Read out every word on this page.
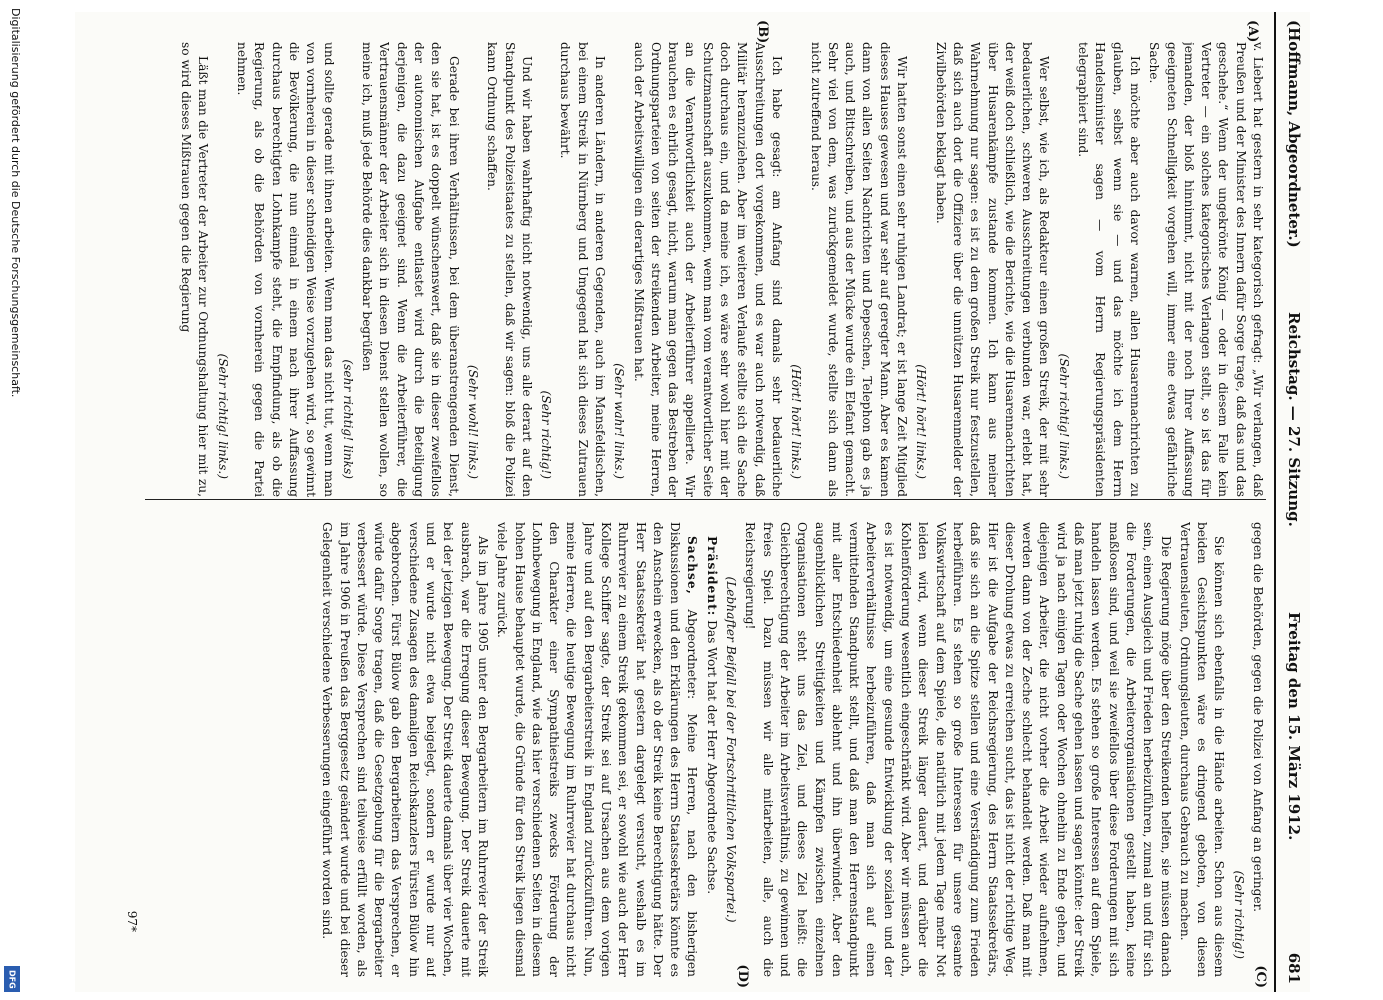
Digitalisierung gefördert durch die Deutsche Forschungsgemeinschaft.
DFG
(Hoffmann, Abgeordneter.)
Reichstag. — 27. Sitzung.
Freitag den 15. März 1912.
681
(A)
(B)
(C)
(D)

v. Liebert hat gestern in sehr kategorisch gefragt: „Wir verlangen, daß Preußen und der Minister des Innern dafür Sorge trage, daß das und das geschehe.“ Wenn der ungekrönte König — oder in diesem Falle kein Vertreter — ein solches kategorisches Verlangen stellt, so ist das für jemanden, der bloß hinnimmt, nicht mit der noch Ihrer Auffassung geeigneten Schnelligkeit vorgehen will, immer eine etwas gefährliche Sache.

Ich möchte aber auch davor warnen, allen Husarennachrichten zu glauben, selbst wenn sie — und das möchte ich dem Herrn Handelsminister sagen — vom Herrn Regierungspräsidenten telegraphiert sind.

(Sehr richtig! links.)

Wer selbst, wie ich, als Redakteur einen großen Streik, der mit sehr bedauerlichen, schweren Ausschreitungen verbunden war, erlebt hat, der weiß doch schließlich, wie die Berichte, wie die Husarennachrichten über Husarenkämpfe zustande kommen. Ich kann aus meiner Wahrnehmung nur sagen: es ist zu dem großen Streik nur festzustellen, daß sich auch dort die Offiziere über die unnützen Husarenmelder der Zivilbehörden beklagt haben.

(Hört! hört! links.)

Wir hatten sonst einen sehr ruhigen Landrat; er ist lange Zeit Mitglied dieses Hauses gewesen und war sehr auf geregter Mann. Aber es kamen dann von allen Seiten Nachrichten und Depeschen, Telephon gab es ja auch, und Bittschreiben, und aus der Mücke wurde ein Elefant gemacht. Sehr viel von dem, was zurückgemeldet wurde, stellte sich dann als nicht zutreffend heraus.

(Hört! hört! links.)

Ich habe gesagt: am Anfang sind damals sehr bedauerliche Ausschreitungen dort vorgekommen, und es war auch notwendig, daß Militär heranzuziehen. Aber im weiteren Verlaufe stellte sich die Sache doch durchaus ein, und da meine ich, es wäre sehr wohl hier mit der Schutzmannschaft auszukommen, wenn man vom verantwortlicher Seite an die Verantwortlichkeit auch der Arbeiterführer appellierte. Wir brauchen es ehrlich gesagt, nicht, warum man gegen das Bestreben der Ordnungsparteien von seiten der streikenden Arbeiter, meine Herren, auch der Arbeitswilligen ein derartiges Mißtrauen hat.

(Sehr wahr! links.)

In anderen Ländern, in anderen Gegenden, auch im Mansfeldischen, bei einem Streik in Nürnberg und Umgegend hat sich dieses Zutrauen durchaus bewährt.

(Sehr richtig!)

Und wir haben wahrhaftig nicht notwendig, uns alle derart auf den Standpunkt des Polizeistaates zu stellen, daß wir sagen: bloß die Polizei kann Ordnung schaffen.

(Sehr wohl! links.)

Gerade bei ihren Verhältnissen, bei dem überanstrengenden Dienst, den sie hat, ist es doppelt wünschenswert, daß sie in dieser zweifellos der autonomischen Aufgabe entlastet wird durch die Beteiligung derjenigen, die dazu geeignet sind. Wenn die Arbeiterführer, die Vertrauensmänner der Arbeiter sich in diesen Dienst stellen wollen, so meine ich, muß jede Behörde dies dankbar begrüßen

(sehr richtig! links)

und sollte gerade mit ihnen arbeiten. Wenn man das nicht tut, wenn man von vornherein in dieser schneidigen Weise vorzugehen wird, so gewinnt die Bevölkerung, die nun einmal in einem nach ihrer Auffassung durchaus berechtigten Lohnkampfe steht, die Empfindung, als ob die Regierung, als ob die Behörden von vornherein gegen die Partei nehmen.

(Sehr richtig! links.)

Läßt man die Vertreter der Arbeiter zur Ordnungshaltung hier mit zu, so wird dieses Mißtrauen gegen die Regierung

gegen die Behörden, gegen die Polizei von Anfang an geringer.

(Sehr richtig!)

Sie können sich ebenfalls in die Hände arbeiten. Schon aus diesem beiden Gesichtspunkten wäre es dringend geboten, von diesen Vertrauensleuten, Ordnungsleuten, durchaus Gebrauch zu machen.

Die Regierung möge über den Streikenden helfen, sie müssen danach sein, einen Ausgleich und Frieden herbeizuführen, zumal an und für sich die Forderungen, die Arbeiterorganisationen gestellt haben, keine maßlosen sind, und weil sie zweifellos über diese Forderungen mit sich handeln lassen werden. Es stehen so große Interessen auf dem Spiele, daß man jetzt ruhig die Sache gehen lassen und sagen könnte: der Streik wird ja nach einigen Tagen oder Wochen ohnehin zu Ende gehen, und diejenigen Arbeiter, die nicht vorher die Arbeit wieder aufnehmen, werden dann von der Zeche schlecht behandelt werden. Daß man mit dieser Drohung etwas zu erreichen sucht, das ist nicht der richtige Weg. Hier ist die Aufgabe der Reichsregierung, des Herrn Staatssekretärs, daß sie sich an die Spitze stellen und eine Verständigung zum Frieden herbeiführen. Es stehen so große Interessen für unsere gesamte Volkswirtschaft auf dem Spiele, die natürlich mit jedem Tage mehr Not leiden wird, wenn dieser Streik länger dauert, und darüber die Kohlenförderung wesentlich eingeschränkt wird. Aber wir müssen auch, es ist notwendig, um eine gesunde Entwicklung der sozialen und der Arbeiterverhältnisse herbeizuführen, daß man sich auf einen vermittelnden Standpunkt stellt, und daß man den Herrenstandpunkt mit aller Entschiedenheit ablehnt und ihn überwindet. Aber den augenblicklichen Streitigkeiten und Kämpfen zwischen einzelnen Organisationen steht uns das Ziel, und dieses Ziel heißt: die Gleichberechtigung der Arbeiter im Arbeitsverhältnis, zu gewinnen und freies Spiel. Dazu müssen wir alle mitarbeiten, alle, auch die Reichsregierung!

(Lebhafter Beifall bei der Fortschrittlichen Volkspartei.)

Präsident: Das Wort hat der Herr Abgeordnete Sachse.

Sachse, Abgeordneter: Meine Herren, nach den bisherigen Diskussionen und den Erklärungen des Herrn Staatssekretärs könnte es den Anschein erwecken, als ob der Streik keine Berechtigung hätte. Der Herr Staatssekretär hat gestern dargelegt versucht, weshalb es im Ruhrrevier zu einem Streik gekommen sei, er sowohl wie auch der Herr Kollege Schiffer sagte, der Streik sei auf Ursachen aus dem vorigen Jahre und auf den Bergarbeiterstreik in England zurückzuführen. Nun, meine Herren, die heutige Bewegung im Ruhrrevier hat durchaus nicht den Charakter einer Sympathiestreiks zwecks Förderung der Lohnbewegung in England, wie das hier verschiedenen Seiten in diesem hohen Hause behauptet wurde, die Gründe für den Streik liegen diesmal viele Jahre zurück.

Als im Jahre 1905 unter den Bergarbeitern im Ruhrrevier der Streik ausbrach, war die Erregung dieser Bewegung. Der Streik dauerte mit bei der jetzigen Bewegung. Der Streik dauerte damals über vier Wochen, und er wurde nicht etwa beigelegt, sondern er wurde nur auf verschiedene Zusagen des damaligen Reichskanzlers Fürsten Bülow hin abgebrochen. Fürst Bülow gab den Bergarbeitern das Versprechen, er würde dafür Sorge tragen, daß die Gesetzgebung für die Bergarbeiter verbessert würde. Diese Versprechen sind teilweise erfüllt worden, als im Jahre 1906 in Preußen das Berggesetz geändert wurde und bei dieser Gelegenheit verschiedene Verbesserungen eingeführt worden sind.

97*
